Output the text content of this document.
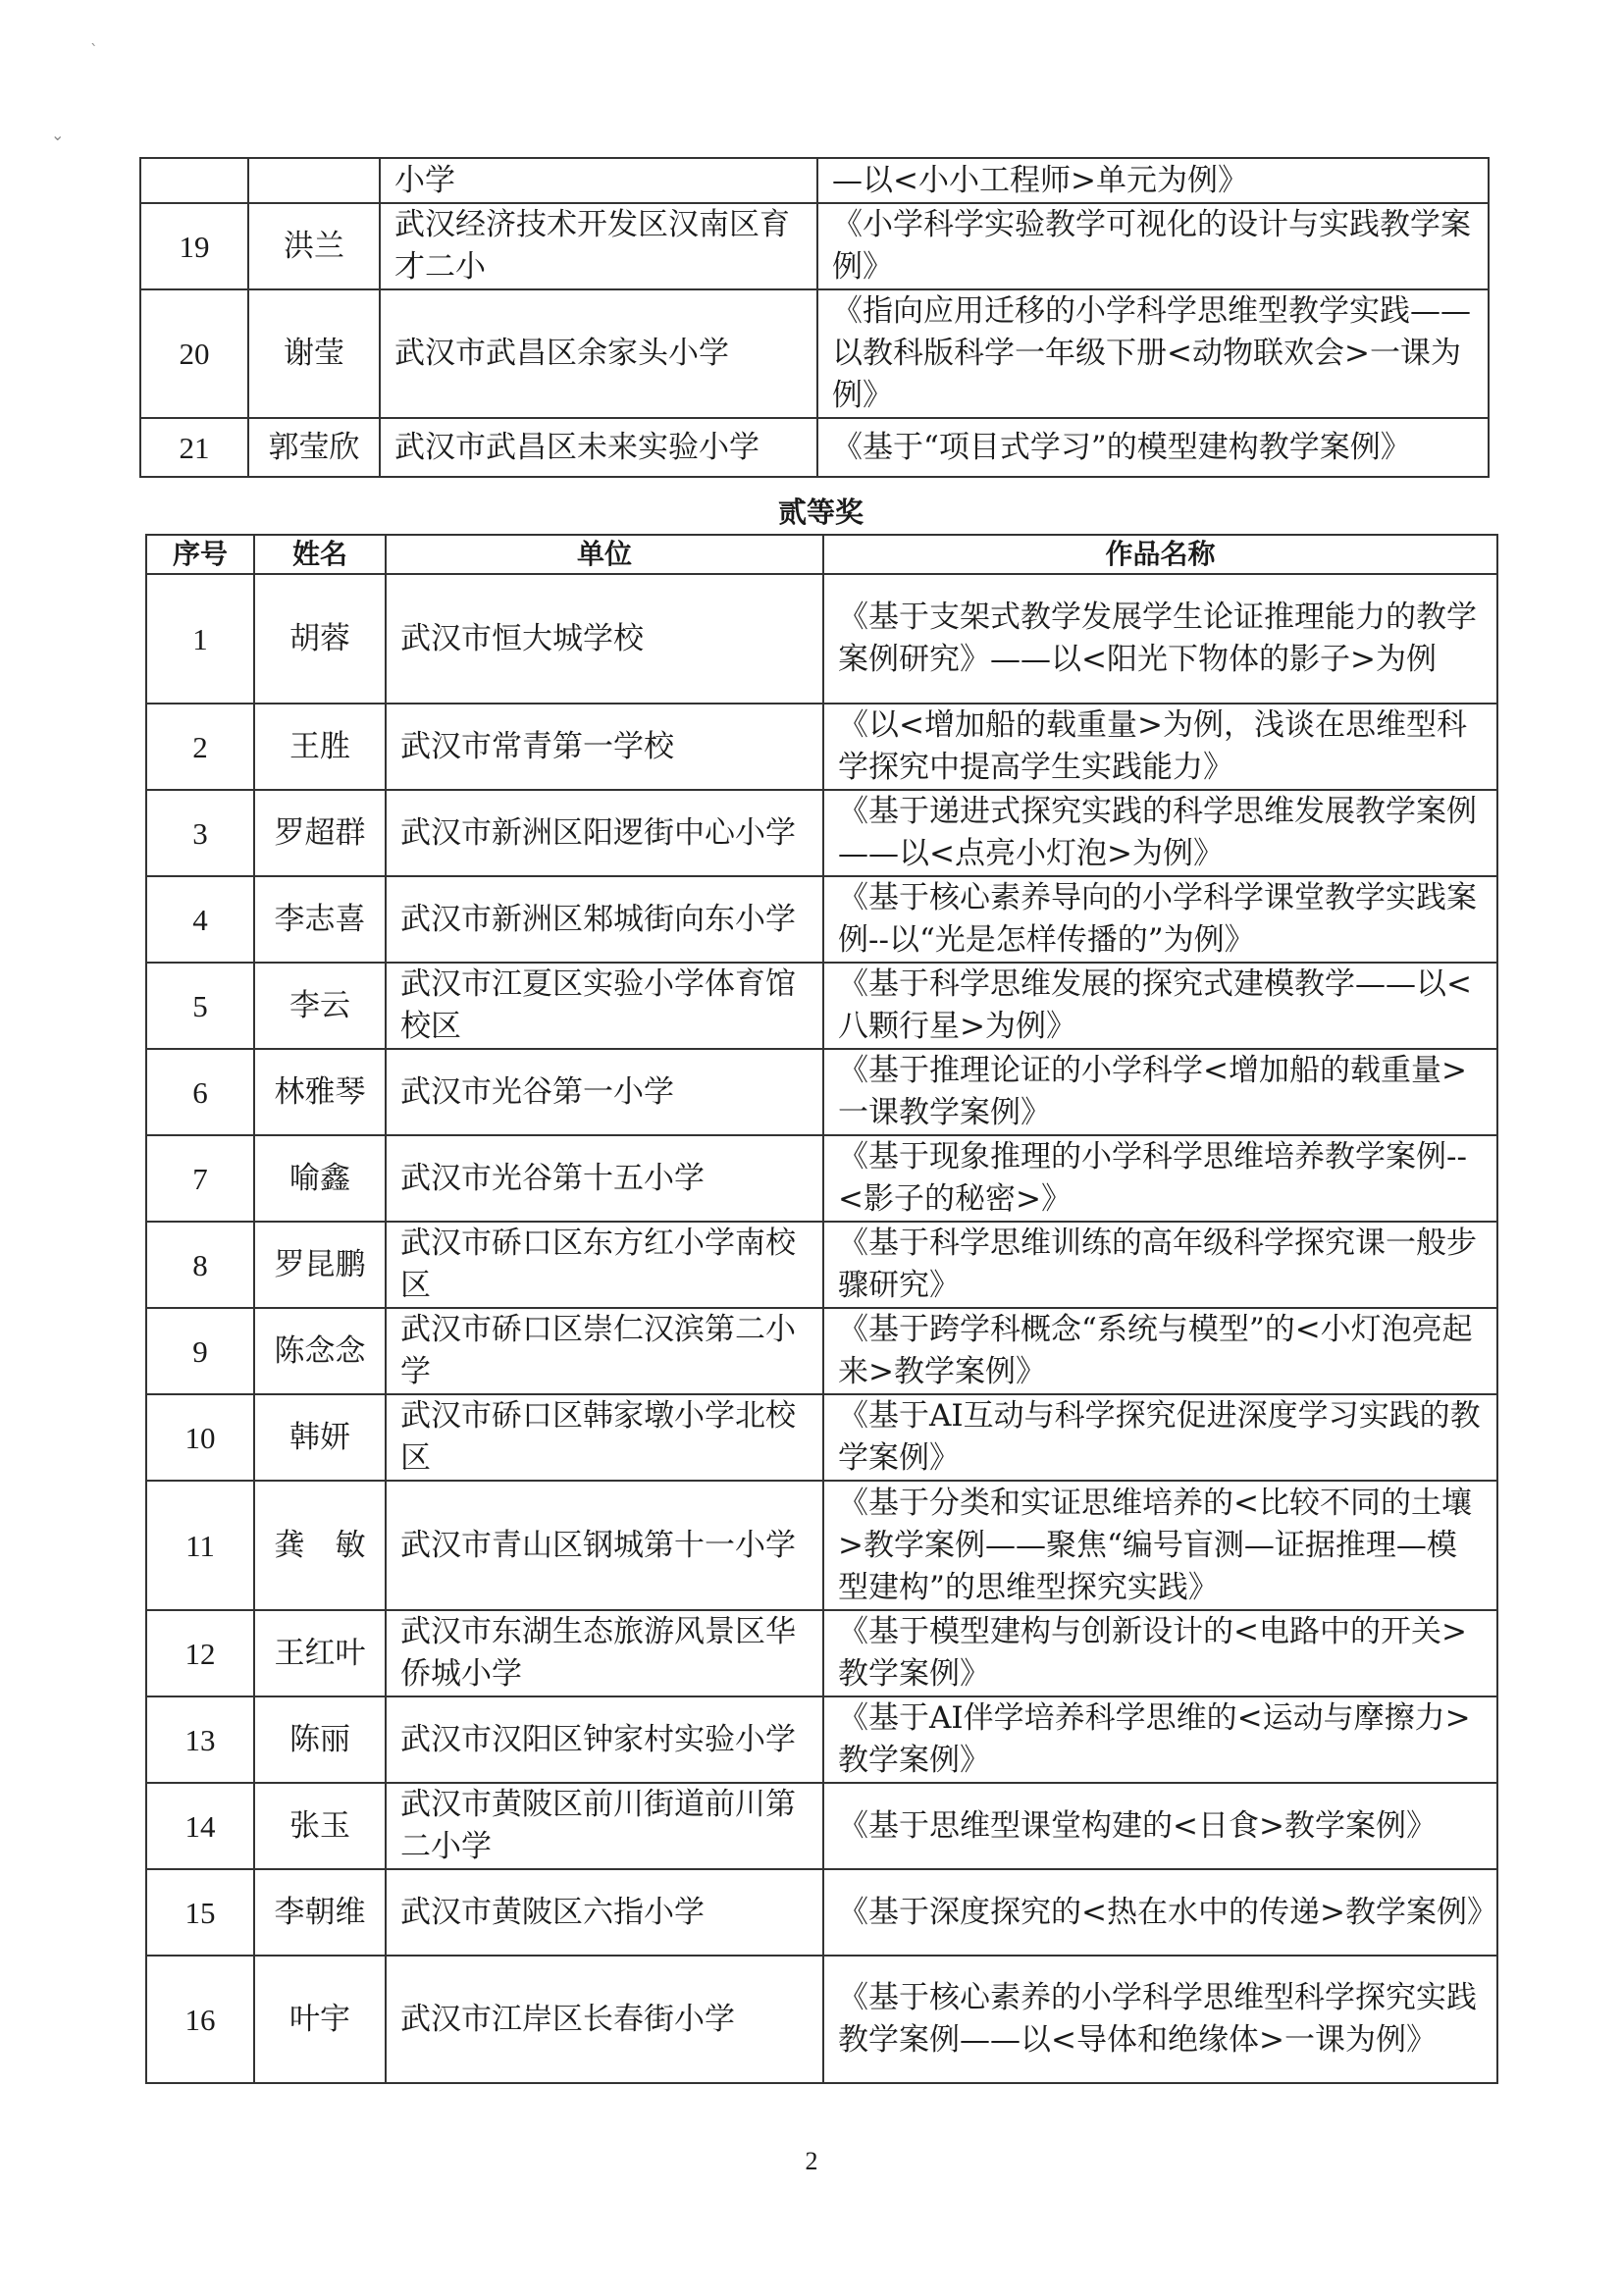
`
⌄
		小学	—以<小小工程师>单元为例》
19	洪兰	武汉经济技术开发区汉南区育才二小	《小学科学实验教学可视化的设计与实践教学案例》
20	谢莹	武汉市武昌区余家头小学	《指向应用迁移的小学科学思维型教学实践——以教科版科学一年级下册<动物联欢会>一课为例》
21	郭莹欣	武汉市武昌区未来实验小学	《基于“项目式学习”的模型建构教学案例》
贰等奖
序号	姓名	单位	作品名称
1	胡蓉	武汉市恒大城学校	《基于支架式教学发展学生论证推理能力的教学案例研究》——以<阳光下物体的影子>为例
2	王胜	武汉市常青第一学校	《以<增加船的载重量>为例，浅谈在思维型科学探究中提高学生实践能力》
3	罗超群	武汉市新洲区阳逻街中心小学	《基于递进式探究实践的科学思维发展教学案例——以<点亮小灯泡>为例》
4	李志喜	武汉市新洲区邾城街向东小学	《基于核心素养导向的小学科学课堂教学实践案例--以“光是怎样传播的”为例》
5	李云	武汉市江夏区实验小学体育馆校区	《基于科学思维发展的探究式建模教学——以<八颗行星>为例》
6	林雅琴	武汉市光谷第一小学	《基于推理论证的小学科学<增加船的载重量>一课教学案例》
7	喻鑫	武汉市光谷第十五小学	《基于现象推理的小学科学思维培养教学案例--<影子的秘密>》
8	罗昆鹏	武汉市硚口区东方红小学南校区	《基于科学思维训练的高年级科学探究课一般步骤研究》
9	陈念念	武汉市硚口区崇仁汉滨第二小学	《基于跨学科概念“系统与模型”的<小灯泡亮起来>教学案例》
10	韩妍	武汉市硚口区韩家墩小学北校区	《基于AI互动与科学探究促进深度学习实践的教学案例》
11	龚　敏	武汉市青山区钢城第十一小学	《基于分类和实证思维培养的<比较不同的土壤>教学案例——聚焦“编号盲测—证据推理—模型建构”的思维型探究实践》
12	王红叶	武汉市东湖生态旅游风景区华侨城小学	《基于模型建构与创新设计的<电路中的开关>教学案例》
13	陈丽	武汉市汉阳区钟家村实验小学	《基于AI伴学培养科学思维的<运动与摩擦力>教学案例》
14	张玉	武汉市黄陂区前川街道前川第二小学	《基于思维型课堂构建的<日食>教学案例》
15	李朝维	武汉市黄陂区六指小学	《基于深度探究的<热在水中的传递>教学案例》
16	叶宇	武汉市江岸区长春街小学	《基于核心素养的小学科学思维型科学探究实践教学案例——以<导体和绝缘体>一课为例》
2
